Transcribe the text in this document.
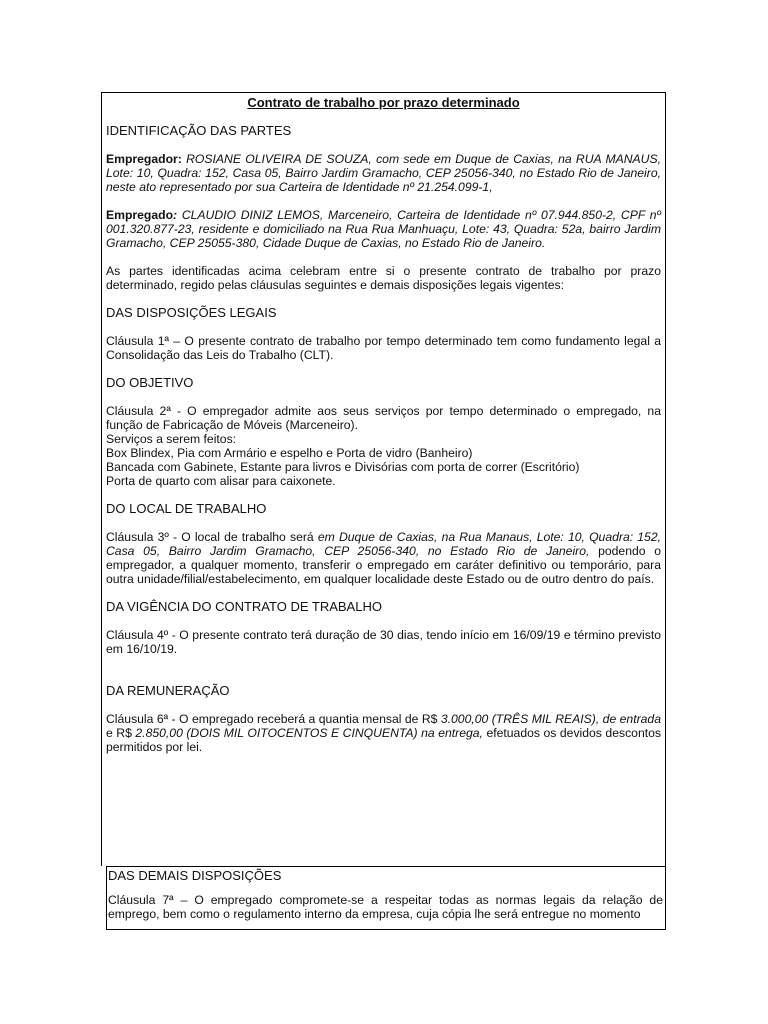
Contrato de trabalho por prazo determinado
IDENTIFICAÇÃO DAS PARTES

Empregador: ROSIANE OLIVEIRA DE SOUZA, com sede em Duque de Caxias, na RUA MANAUS, Lote: 10, Quadra: 152, Casa 05, Bairro Jardim Gramacho, CEP 25056-340, no Estado Rio de Janeiro, neste ato representado por sua Carteira de Identidade nº 21.254.099-1,

Empregado: CLAUDIO DINIZ LEMOS, Marceneiro, Carteira de Identidade nº 07.944.850-2, CPF nº 001.320.877-23, residente e domiciliado na Rua Rua Manhuaçu, Lote: 43, Quadra: 52a, bairro Jardim Gramacho, CEP 25055-380, Cidade Duque de Caxias, no Estado Rio de Janeiro.

As partes identificadas acima celebram entre si o presente contrato de trabalho por prazo determinado, regido pelas cláusulas seguintes e demais disposições legais vigentes:

DAS DISPOSIÇÕES LEGAIS

Cláusula 1ª – O presente contrato de trabalho por tempo determinado tem como fundamento legal a Consolidação das Leis do Trabalho (CLT).

DO OBJETIVO

Cláusula 2ª - O empregador admite aos seus serviços por tempo determinado o empregado, na função de Fabricação de Móveis (Marceneiro).

Serviços a serem feitos:
Box Blindex, Pia com Armário e espelho e Porta de vidro (Banheiro)
Bancada com Gabinete, Estante para livros e Divisórias com porta de correr (Escritório)
Porta de quarto com alisar para caixonete.
DO LOCAL DE TRABALHO

Cláusula 3º - O local de trabalho será em Duque de Caxias, na Rua Manaus, Lote: 10, Quadra: 152, Casa 05, Bairro Jardim Gramacho, CEP 25056-340, no Estado Rio de Janeiro, podendo o empregador, a qualquer momento, transferir o empregado em caráter definitivo ou temporário, para outra unidade/filial/estabelecimento, em qualquer localidade deste Estado ou de outro dentro do país.

DA VIGÊNCIA DO CONTRATO DE TRABALHO

Cláusula 4º - O presente contrato terá duração de 30 dias, tendo início em 16/09/19 e término previsto em 16/10/19.

DA REMUNERAÇÃO

Cláusula 6ª - O empregado receberá a quantia mensal de R$ 3.000,00 (TRÊS MIL REAIS), de entrada e R$ 2.850,00 (DOIS MIL OITOCENTOS E CINQUENTA) na entrega, efetuados os devidos descontos permitidos por lei.

DAS DEMAIS DISPOSIÇÕES

Cláusula 7ª – O empregado compromete-se a respeitar todas as normas legais da relação de emprego, bem como o regulamento interno da empresa, cuja cópia lhe será entregue no momento
